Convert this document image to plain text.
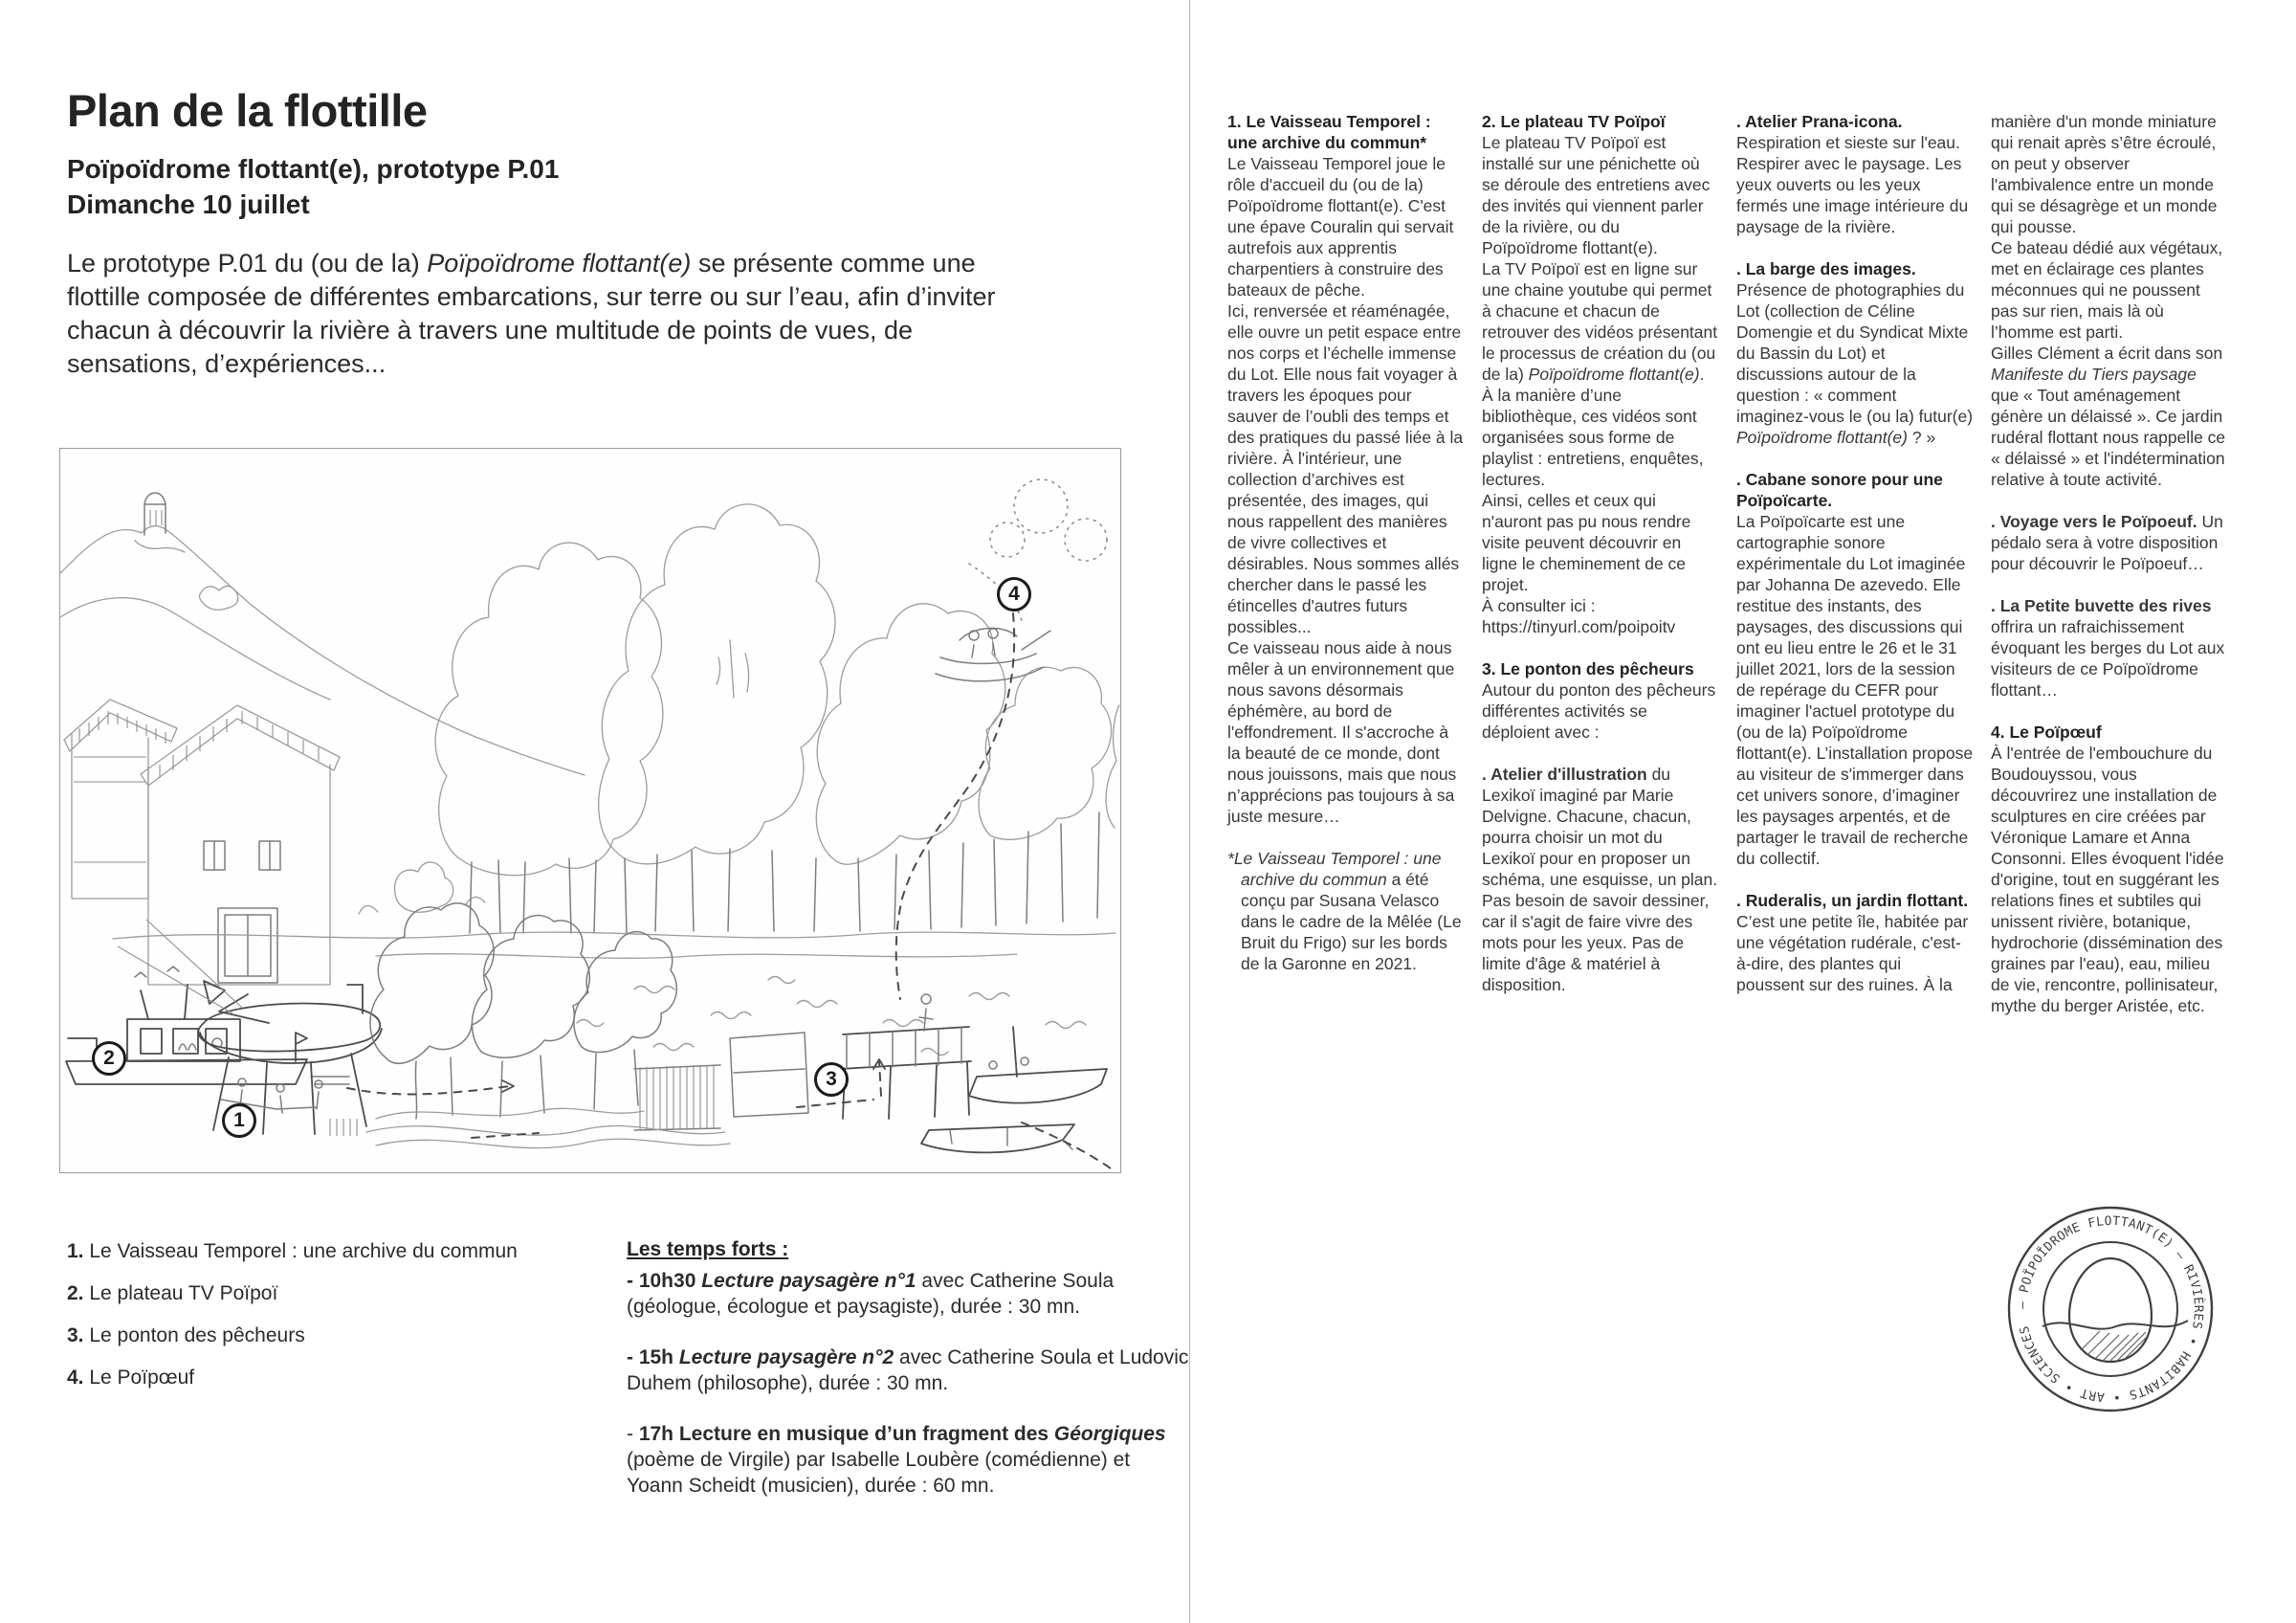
Plan de la flottille
Poïpoïdrome flottant(e), prototype P.01
Dimanche 10 juillet
Le prototype P.01 du (ou de la) Poïpoïdrome flottant(e) se présente comme une flottille composée de différentes embarcations, sur terre ou sur l’eau, afin d’inviter chacun à découvrir la rivière à travers une multitude de points de vues, de sensations, d’expériences...
1
2
3
4
1. Le Vaisseau Temporel : une archive du commun
2. Le plateau TV Poïpoï
3. Le ponton des pêcheurs
4. Le Poïpœuf

Les temps forts :

- 10h30 Lecture paysagère n°1 avec Catherine Soula (géologue, écologue et paysagiste), durée : 30 mn.

- 15h Lecture paysagère n°2 avec Catherine Soula et Ludovic Duhem (philosophe), durée : 30 mn.

- 17h Lecture en musique d’un fragment des Géorgiques (poème de Virgile) par Isabelle Loubère (comédienne) et Yoann Scheidt (musicien), durée : 60 mn.

1. Le Vaisseau Temporel : une archive du commun*

Le Vaisseau Temporel joue le rôle d'accueil du (ou de la) Poïpoïdrome flottant(e). C'est une épave Couralin qui servait autrefois aux apprentis charpentiers à construire des bateaux de pêche.

Ici, renversée et réaménagée, elle ouvre un petit espace entre nos corps et l’échelle immense du Lot. Elle nous fait voyager à travers les époques pour sauver de l’oubli des temps et des pratiques du passé liée à la rivière. À l'intérieur, une collection d’archives est présentée, des images, qui nous rappellent des manières de vivre collectives et désirables. Nous sommes allés chercher dans le passé les étincelles d'autres futurs possibles...

Ce vaisseau nous aide à nous mêler à un environnement que nous savons désormais éphémère, au bord de l'effondrement. Il s'accroche à la beauté de ce monde, dont nous jouissons, mais que nous n’apprécions pas toujours à sa juste mesure…

*Le Vaisseau Temporel : une archive du commun a été conçu par Susana Velasco dans le cadre de la Mêlée (Le Bruit du Frigo) sur les bords de la Garonne en 2021.

2. Le plateau TV Poïpoï

Le plateau TV Poïpoï est installé sur une pénichette où se déroule des entretiens avec des invités qui viennent parler de la rivière, ou du Poïpoïdrome flottant(e).

La TV Poïpoï est en ligne sur une chaine youtube qui permet à chacune et chacun de retrouver des vidéos présentant le processus de création du (ou de la) Poïpoïdrome flottant(e). À la manière d’une bibliothèque, ces vidéos sont organisées sous forme de playlist : entretiens, enquêtes, lectures.

Ainsi, celles et ceux qui n'auront pas pu nous rendre visite peuvent découvrir en ligne le cheminement de ce projet.

À consulter ici :

https://tinyurl.com/poipoitv

3. Le ponton des pêcheurs

Autour du ponton des pêcheurs différentes activités se déploient avec :

. Atelier d'illustration du Lexikoï imaginé par Marie Delvigne. Chacune, chacun, pourra choisir un mot du Lexikoï pour en proposer un schéma, une esquisse, un plan. Pas besoin de savoir dessiner, car il s'agit de faire vivre des mots pour les yeux. Pas de limite d'âge & matériel à disposition.

. Atelier Prana-icona.

Respiration et sieste sur l'eau. Respirer avec le paysage. Les yeux ouverts ou les yeux fermés une image intérieure du paysage de la rivière.

. La barge des images.

Présence de photographies du Lot (collection de Céline Domengie et du Syndicat Mixte du Bassin du Lot) et discussions autour de la question : « comment imaginez-vous le (ou la) futur(e) Poïpoïdrome flottant(e) ? »

. Cabane sonore pour une Poïpoïcarte.

La Poïpoïcarte est une cartographie sonore expérimentale du Lot imaginée par Johanna De azevedo. Elle restitue des instants, des paysages, des discussions qui ont eu lieu entre le 26 et le 31 juillet 2021, lors de la session de repérage du CEFR pour imaginer l'actuel prototype du (ou de la) Poïpoïdrome flottant(e). L’installation propose au visiteur de s'immerger dans cet univers sonore, d’imaginer les paysages arpentés, et de partager le travail de recherche du collectif.

. Ruderalis, un jardin flottant.

C’est une petite île, habitée par une végétation rudérale, c'est-à-dire, des plantes qui poussent sur des ruines. À la

manière d'un monde miniature qui renait après s’être écroulé, on peut y observer l'ambivalence entre un monde qui se désagrège et un monde qui pousse.

Ce bateau dédié aux végétaux, met en éclairage ces plantes méconnues qui ne poussent pas sur rien, mais là où l’homme est parti.

Gilles Clément a écrit dans son Manifeste du Tiers paysage que « Tout aménagement génère un délaissé ». Ce jardin rudéral flottant nous rappelle ce « délaissé » et l'indétermination relative à toute activité.

. Voyage vers le Poïpoeuf. Un pédalo sera à votre disposition pour découvrir le Poïpoeuf…

. La Petite buvette des rives offrira un rafraichissement évoquant les berges du Lot aux visiteurs de ce Poïpoïdrome flottant…

4. Le Poïpœuf

À l'entrée de l'embouchure du Boudouyssou, vous découvrirez une installation de sculptures en cire créées par Véronique Lamare et Anna Consonni. Elles évoquent l'idée d'origine, tout en suggérant les relations fines et subtiles qui unissent rivière, botanique, hydrochorie (dissémination des graines par l'eau), eau, milieu de vie, rencontre, pollinisateur, mythe du berger Aristée, etc.

— POÏPOÏDROME FLOTTANT(E) — RIVIÈRES • HABITANTS • ART • SCIENCES
